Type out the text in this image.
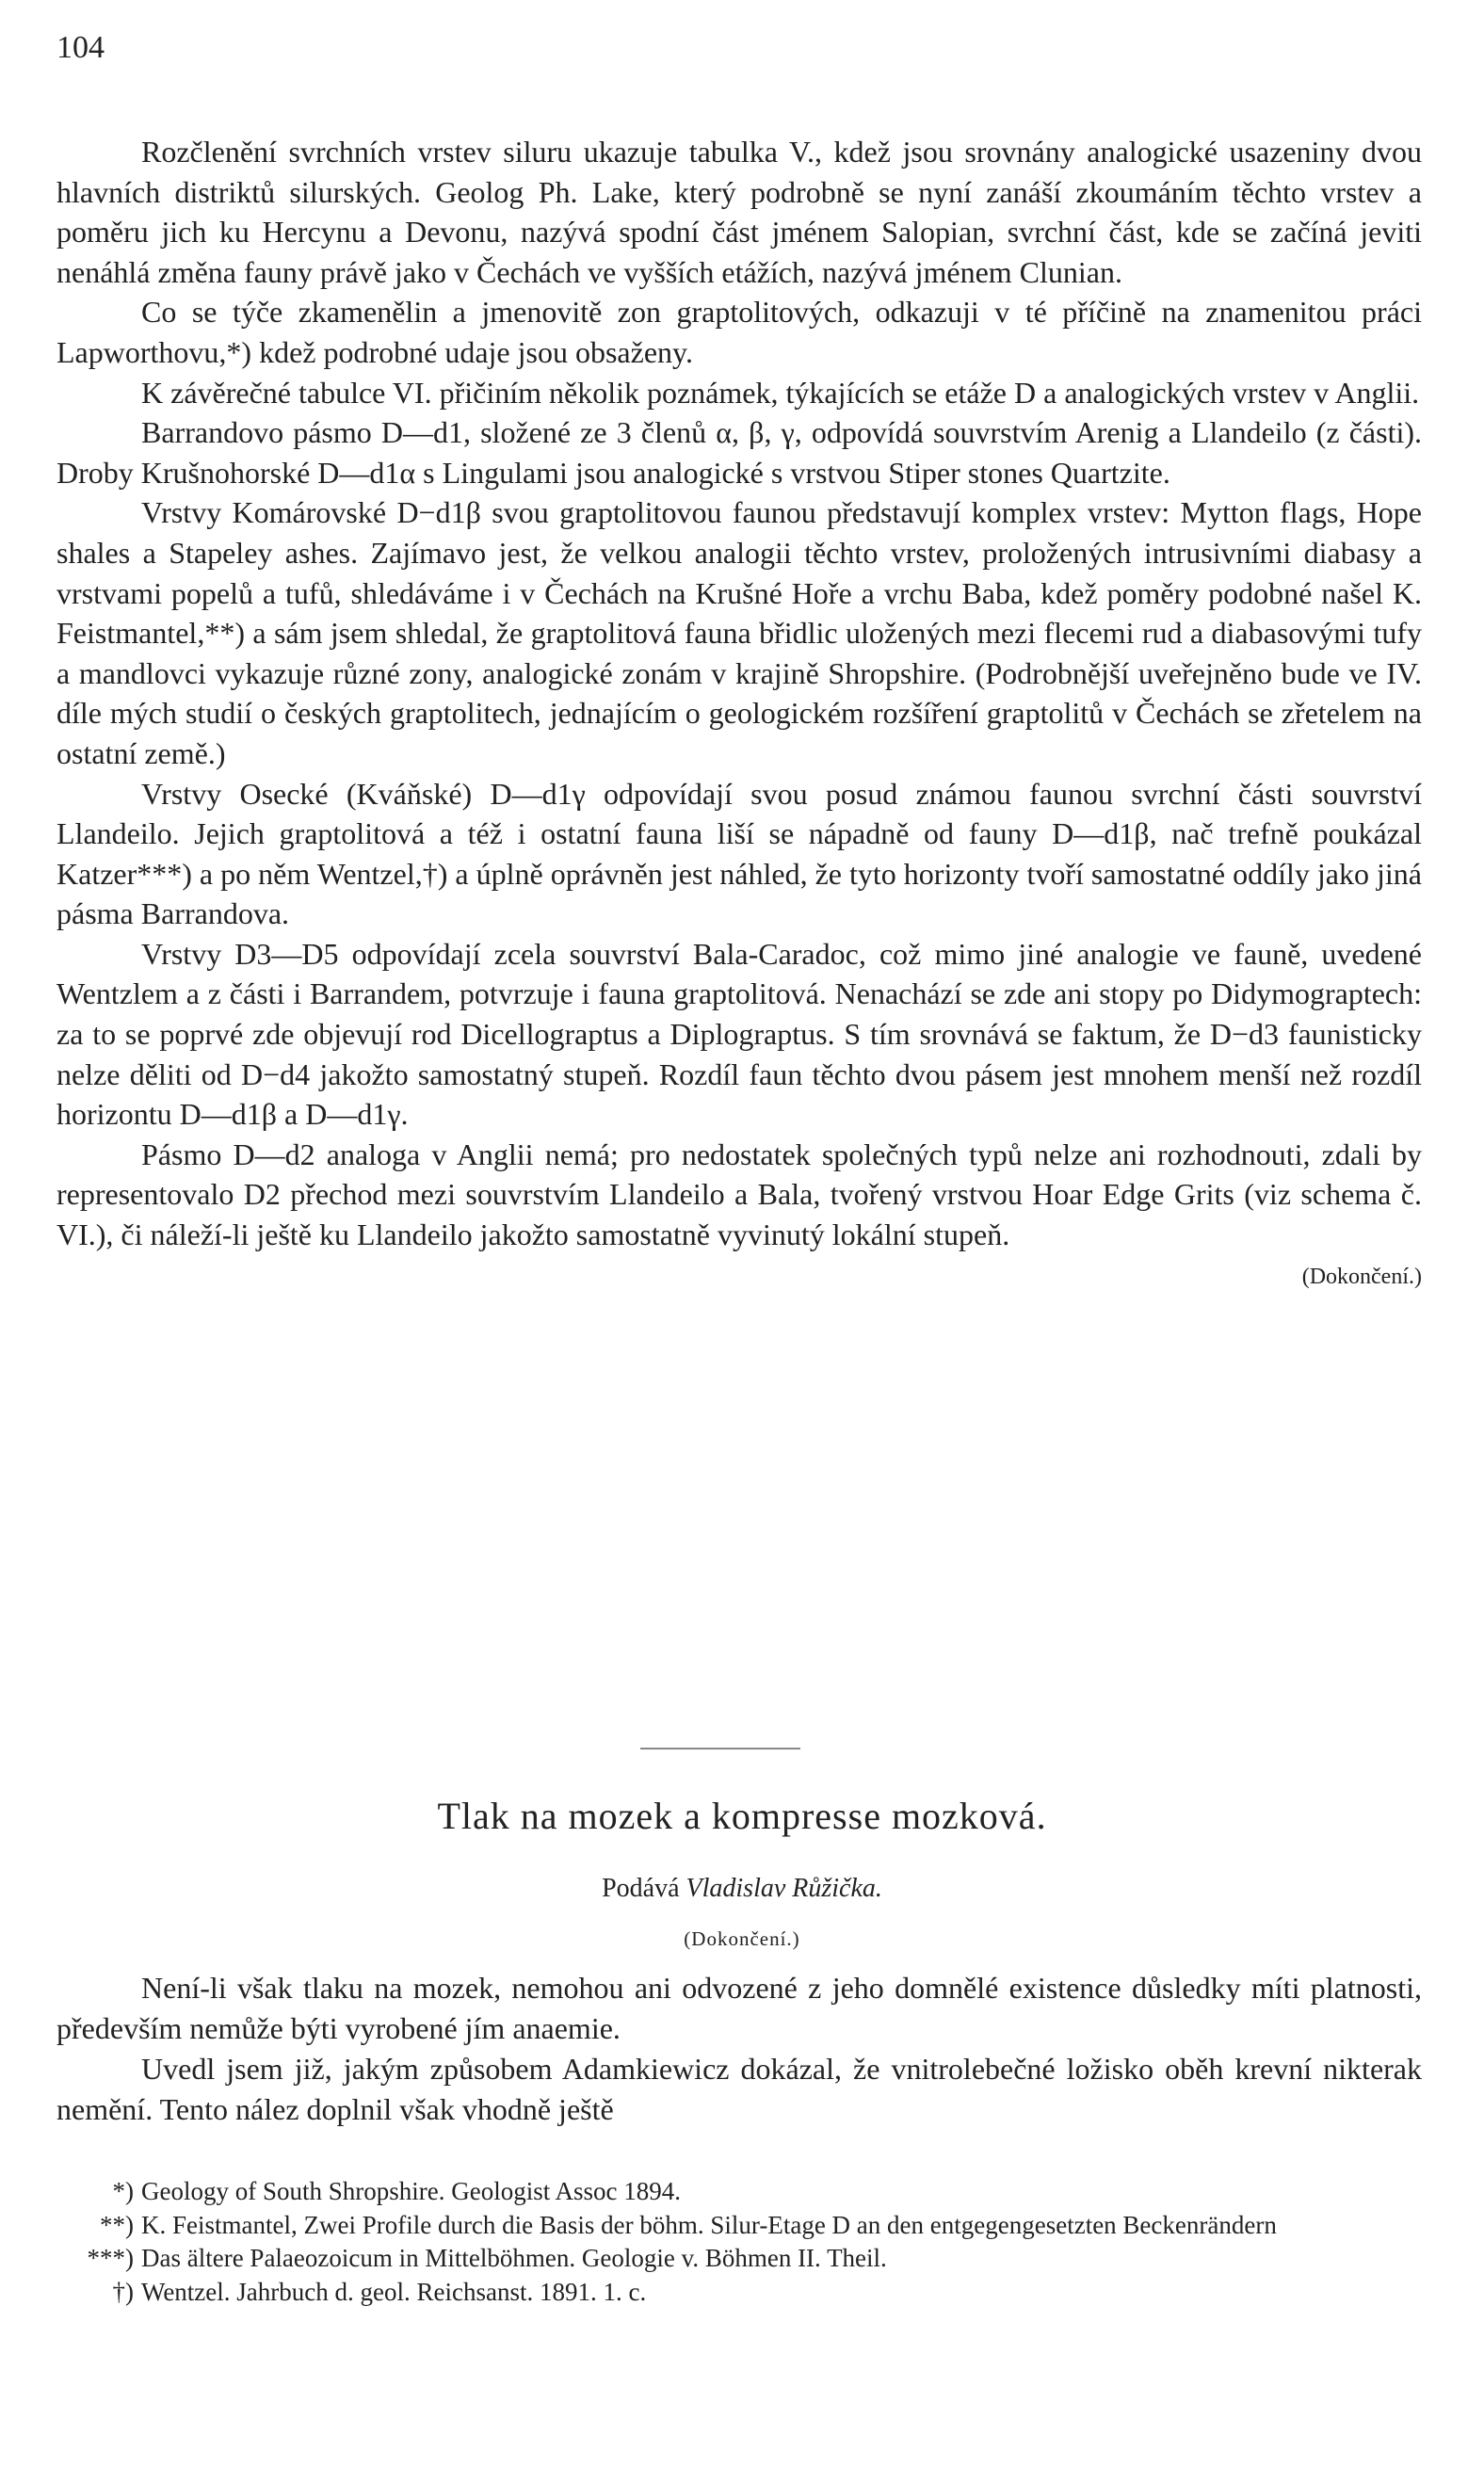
104

Rozčlenění svrchních vrstev siluru ukazuje tabulka V., kdež jsou srovnány analogické usazeniny dvou hlavních distriktů silurských. Geolog Ph. Lake, který podrobně se nyní zanáší zkoumáním těchto vrstev a poměru jich ku Hercynu a Devonu, nazývá spodní část jménem Salopian, svrchní část, kde se začíná jeviti nenáhlá změna fauny právě jako v Čechách ve vyšších etážích, nazývá jménem Clunian.

Co se týče zkamenělin a jmenovitě zon graptolitových, odkazuji v té příčině na znamenitou práci Lapworthovu,*) kdež podrobné udaje jsou obsaženy.

K závěrečné tabulce VI. přičiním několik poznámek, týkajících se etáže D a analogických vrstev v Anglii.

Barrandovo pásmo D—d1, složené ze 3 členů α, β, γ, odpovídá souvrstvím Arenig a Llandeilo (z části). Droby Krušnohorské D—d1α s Lingulami jsou analogické s vrstvou Stiper stones Quartzite.

Vrstvy Komárovské D−d1β svou graptolitovou faunou představují komplex vrstev: Mytton flags, Hope shales a Stapeley ashes. Zajímavo jest, že velkou analogii těchto vrstev, proložených intrusivními diabasy a vrstvami popelů a tufů, shledáváme i v Čechách na Krušné Hoře a vrchu Baba, kdež poměry podobné našel K. Feistmantel,**) a sám jsem shledal, že graptolitová fauna břidlic uložených mezi flecemi rud a diabasovými tufy a mandlovci vykazuje různé zony, analogické zonám v krajině Shropshire. (Podrobnější uveřejněno bude ve IV. díle mých studií o českých graptolitech, jednajícím o geologickém rozšíření graptolitů v Čechách se zřetelem na ostatní země.)

Vrstvy Osecké (Kváňské) D—d1γ odpovídají svou posud známou faunou svrchní části souvrství Llandeilo. Jejich graptolitová a též i ostatní fauna liší se nápadně od fauny D—d1β, nač trefně poukázal Katzer***) a po něm Wentzel,†) a úplně oprávněn jest náhled, že tyto horizonty tvoří samostatné oddíly jako jiná pásma Barrandova.

Vrstvy D3—D5 odpovídají zcela souvrství Bala-Caradoc, což mimo jiné analogie ve fauně, uvedené Wentzlem a z části i Barrandem, potvrzuje i fauna graptolitová. Nenachází se zde ani stopy po Didymograptech: za to se poprvé zde objevují rod Dicellograptus a Diplograptus. S tím srovnává se faktum, že D−d3 faunisticky nelze děliti od D−d4 jakožto samostatný stupeň. Rozdíl faun těchto dvou pásem jest mnohem menší než rozdíl horizontu D—d1β a D—d1γ.

Pásmo D—d2 analoga v Anglii nemá; pro nedostatek společných typů nelze ani rozhodnouti, zdali by representovalo D2 přechod mezi souvrstvím Llandeilo a Bala, tvořený vrstvou Hoar Edge Grits (viz schema č. VI.), či náleží-li ještě ku Llandeilo jakožto samostatně vyvinutý lokální stupeň.

(Dokončení.)
Tlak na mozek a kompresse mozková.
Podává Vladislav Růžička.
(Dokončení.)

Není-li však tlaku na mozek, nemohou ani odvozené z jeho domnělé existence důsledky míti platnosti, především nemůže býti vyrobené jím anaemie.

Uvedl jsem již, jakým způsobem Adamkiewicz dokázal, že vnitrolebečné ložisko oběh krevní nikterak nemění. Tento nález doplnil však vhodně ještě

*) Geology of South Shropshire. Geologist Assoc 1894.

**) K. Feistmantel, Zwei Profile durch die Basis der böhm. Silur-Etage D an den entgegengesetzten Beckenrändern

***) Das ältere Palaeozoicum in Mittelböhmen. Geologie v. Böhmen II. Theil.

†) Wentzel. Jahrbuch d. geol. Reichsanst. 1891. 1. c.
